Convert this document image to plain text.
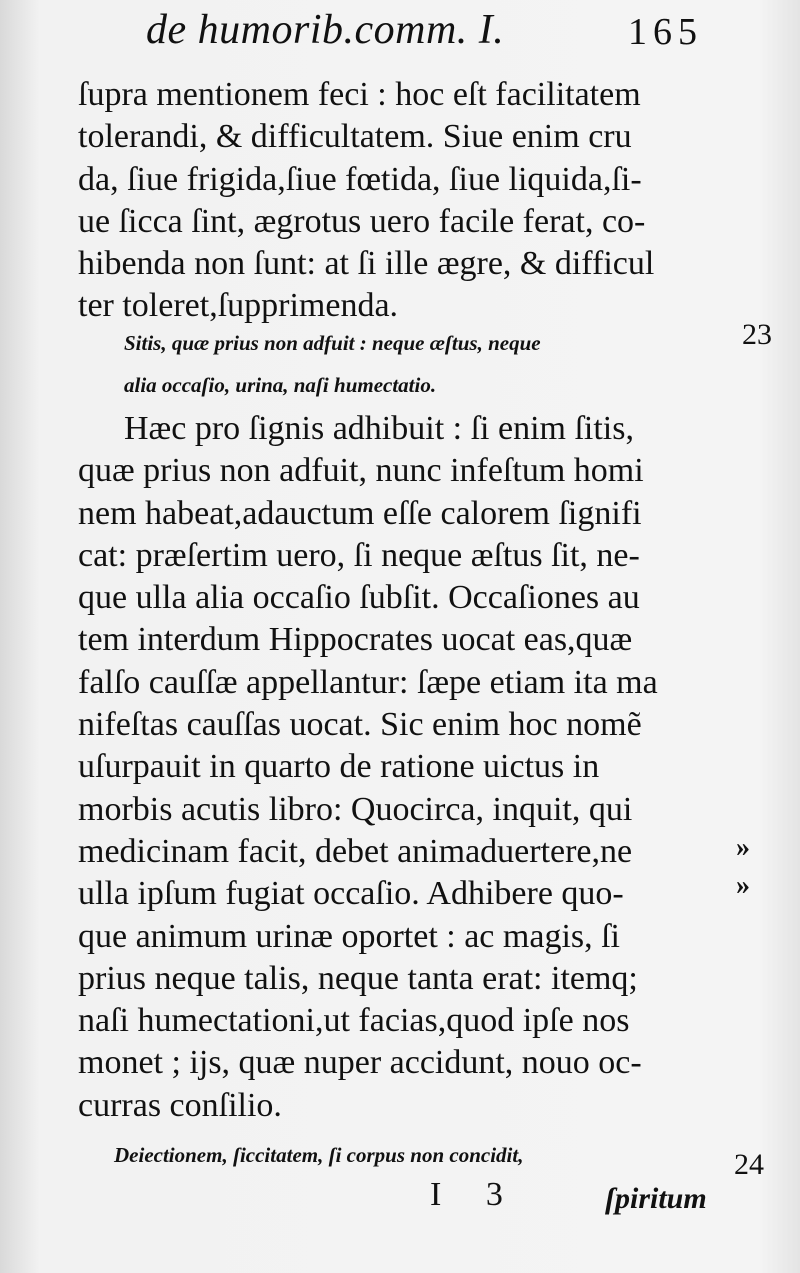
de humorib.comm. I.	165
ſupra mentionem feci : hoc eſt facilitatem
tolerandi, & difficultatem. Siue enim cru
da, ſiue frigida,ſiue fœtida, ſiue liquida,ſi-
ue ſicca ſint, ægrotus uero facile ferat, co-
hibenda non ſunt: at ſi ille ægre, & difficul
ter toleret,ſupprimenda.
Sitis, quæ prius non adfuit : neque æſtus, neque
alia occaſio, urina, naſi humectatio.
23
Hæc pro ſignis adhibuit : ſi enim ſitis,
quæ prius non adfuit, nunc infeſtum homi
nem habeat,adauctum eſſe calorem ſignifi
cat: præſertim uero, ſi neque æſtus ſit, ne-
que ulla alia occaſio ſubſit. Occaſiones au
tem interdum Hippocrates uocat eas,quæ
falſo cauſſæ appellantur: ſæpe etiam ita ma
nifeſtas cauſſas uocat. Sic enim hoc nomẽ
uſurpauit in quarto de ratione uictus in
morbis acutis libro: Quocirca, inquit, qui
medicinam facit, debet animaduertere,ne
ulla ipſum fugiat occaſio. Adhibere quo-
que animum urinæ oportet : ac magis, ſi
prius neque talis, neque tanta erat: itemq;
naſi humectationi,ut facias,quod ipſe nos
monet ; ijs, quæ nuper accidunt, nouo oc-
curras conſilio.
»
»
Deiectionem, ſiccitatem, ſi corpus non concidit,	24
I 3	ſpiritum
